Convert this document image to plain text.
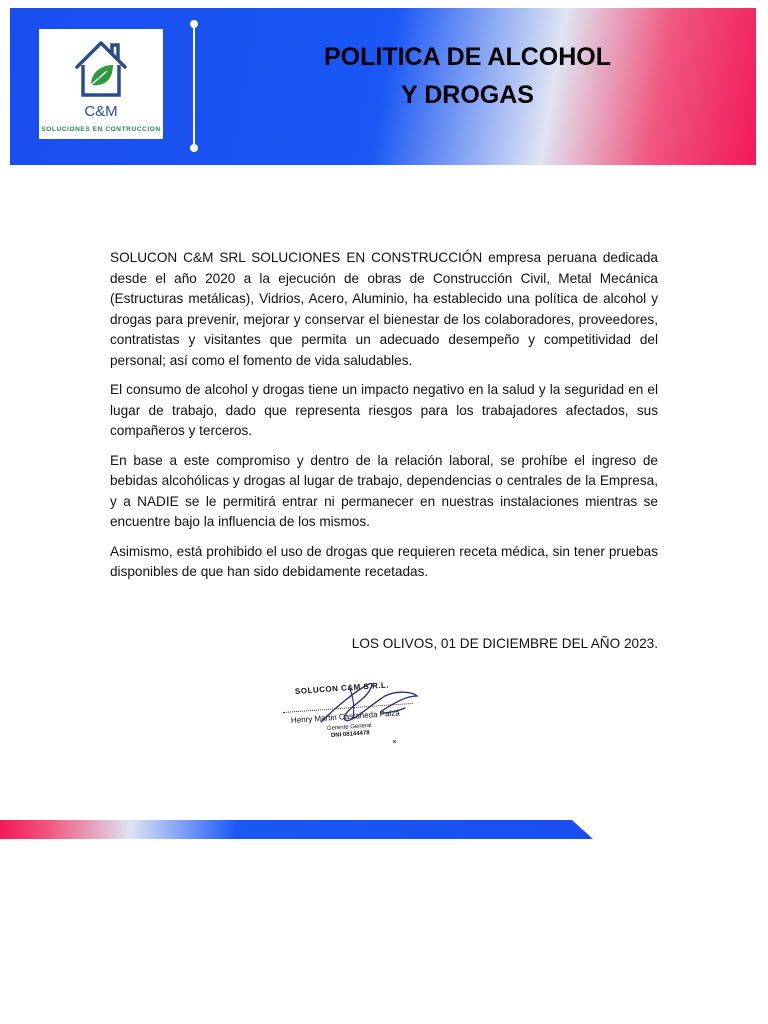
C&M
SOLUCIONES EN CONTRUCCION
POLITICA DE ALCOHOL
Y DROGAS

SOLUCON C&M SRL SOLUCIONES EN CONSTRUCCIÓN empresa peruana dedicada desde el año 2020 a la ejecución de obras de Construcción Civil, Metal Mecánica (Estructuras metálicas), Vidrios, Acero, Aluminio, ha establecido una política de alcohol y drogas para prevenir, mejorar y conservar el bienestar de los colaboradores, proveedores, contratistas y visitantes que permita un adecuado desempeño y competitividad del personal; así como el fomento de vida saludables.

El consumo de alcohol y drogas tiene un impacto negativo en la salud y la seguridad en el lugar de trabajo, dado que representa riesgos para los trabajadores afectados, sus compañeros y terceros.

En base a este compromiso y dentro de la relación laboral, se prohíbe el ingreso de bebidas alcohólicas y drogas al lugar de trabajo, dependencias o centrales de la Empresa, y a NADIE se le permitirá entrar ni permanecer en nuestras instalaciones mientras se encuentre bajo la influencia de los mismos.

Asimismo, está prohibido el uso de drogas que requieren receta médica, sin tener pruebas disponibles de que han sido debidamente recetadas.

LOS OLIVOS, 01 DE DICIEMBRE DEL AÑO 2023.
SOLUCON C&M S.R.L.
Henry Martin Castañeda Palza
Gerente General
DNI 08144478
